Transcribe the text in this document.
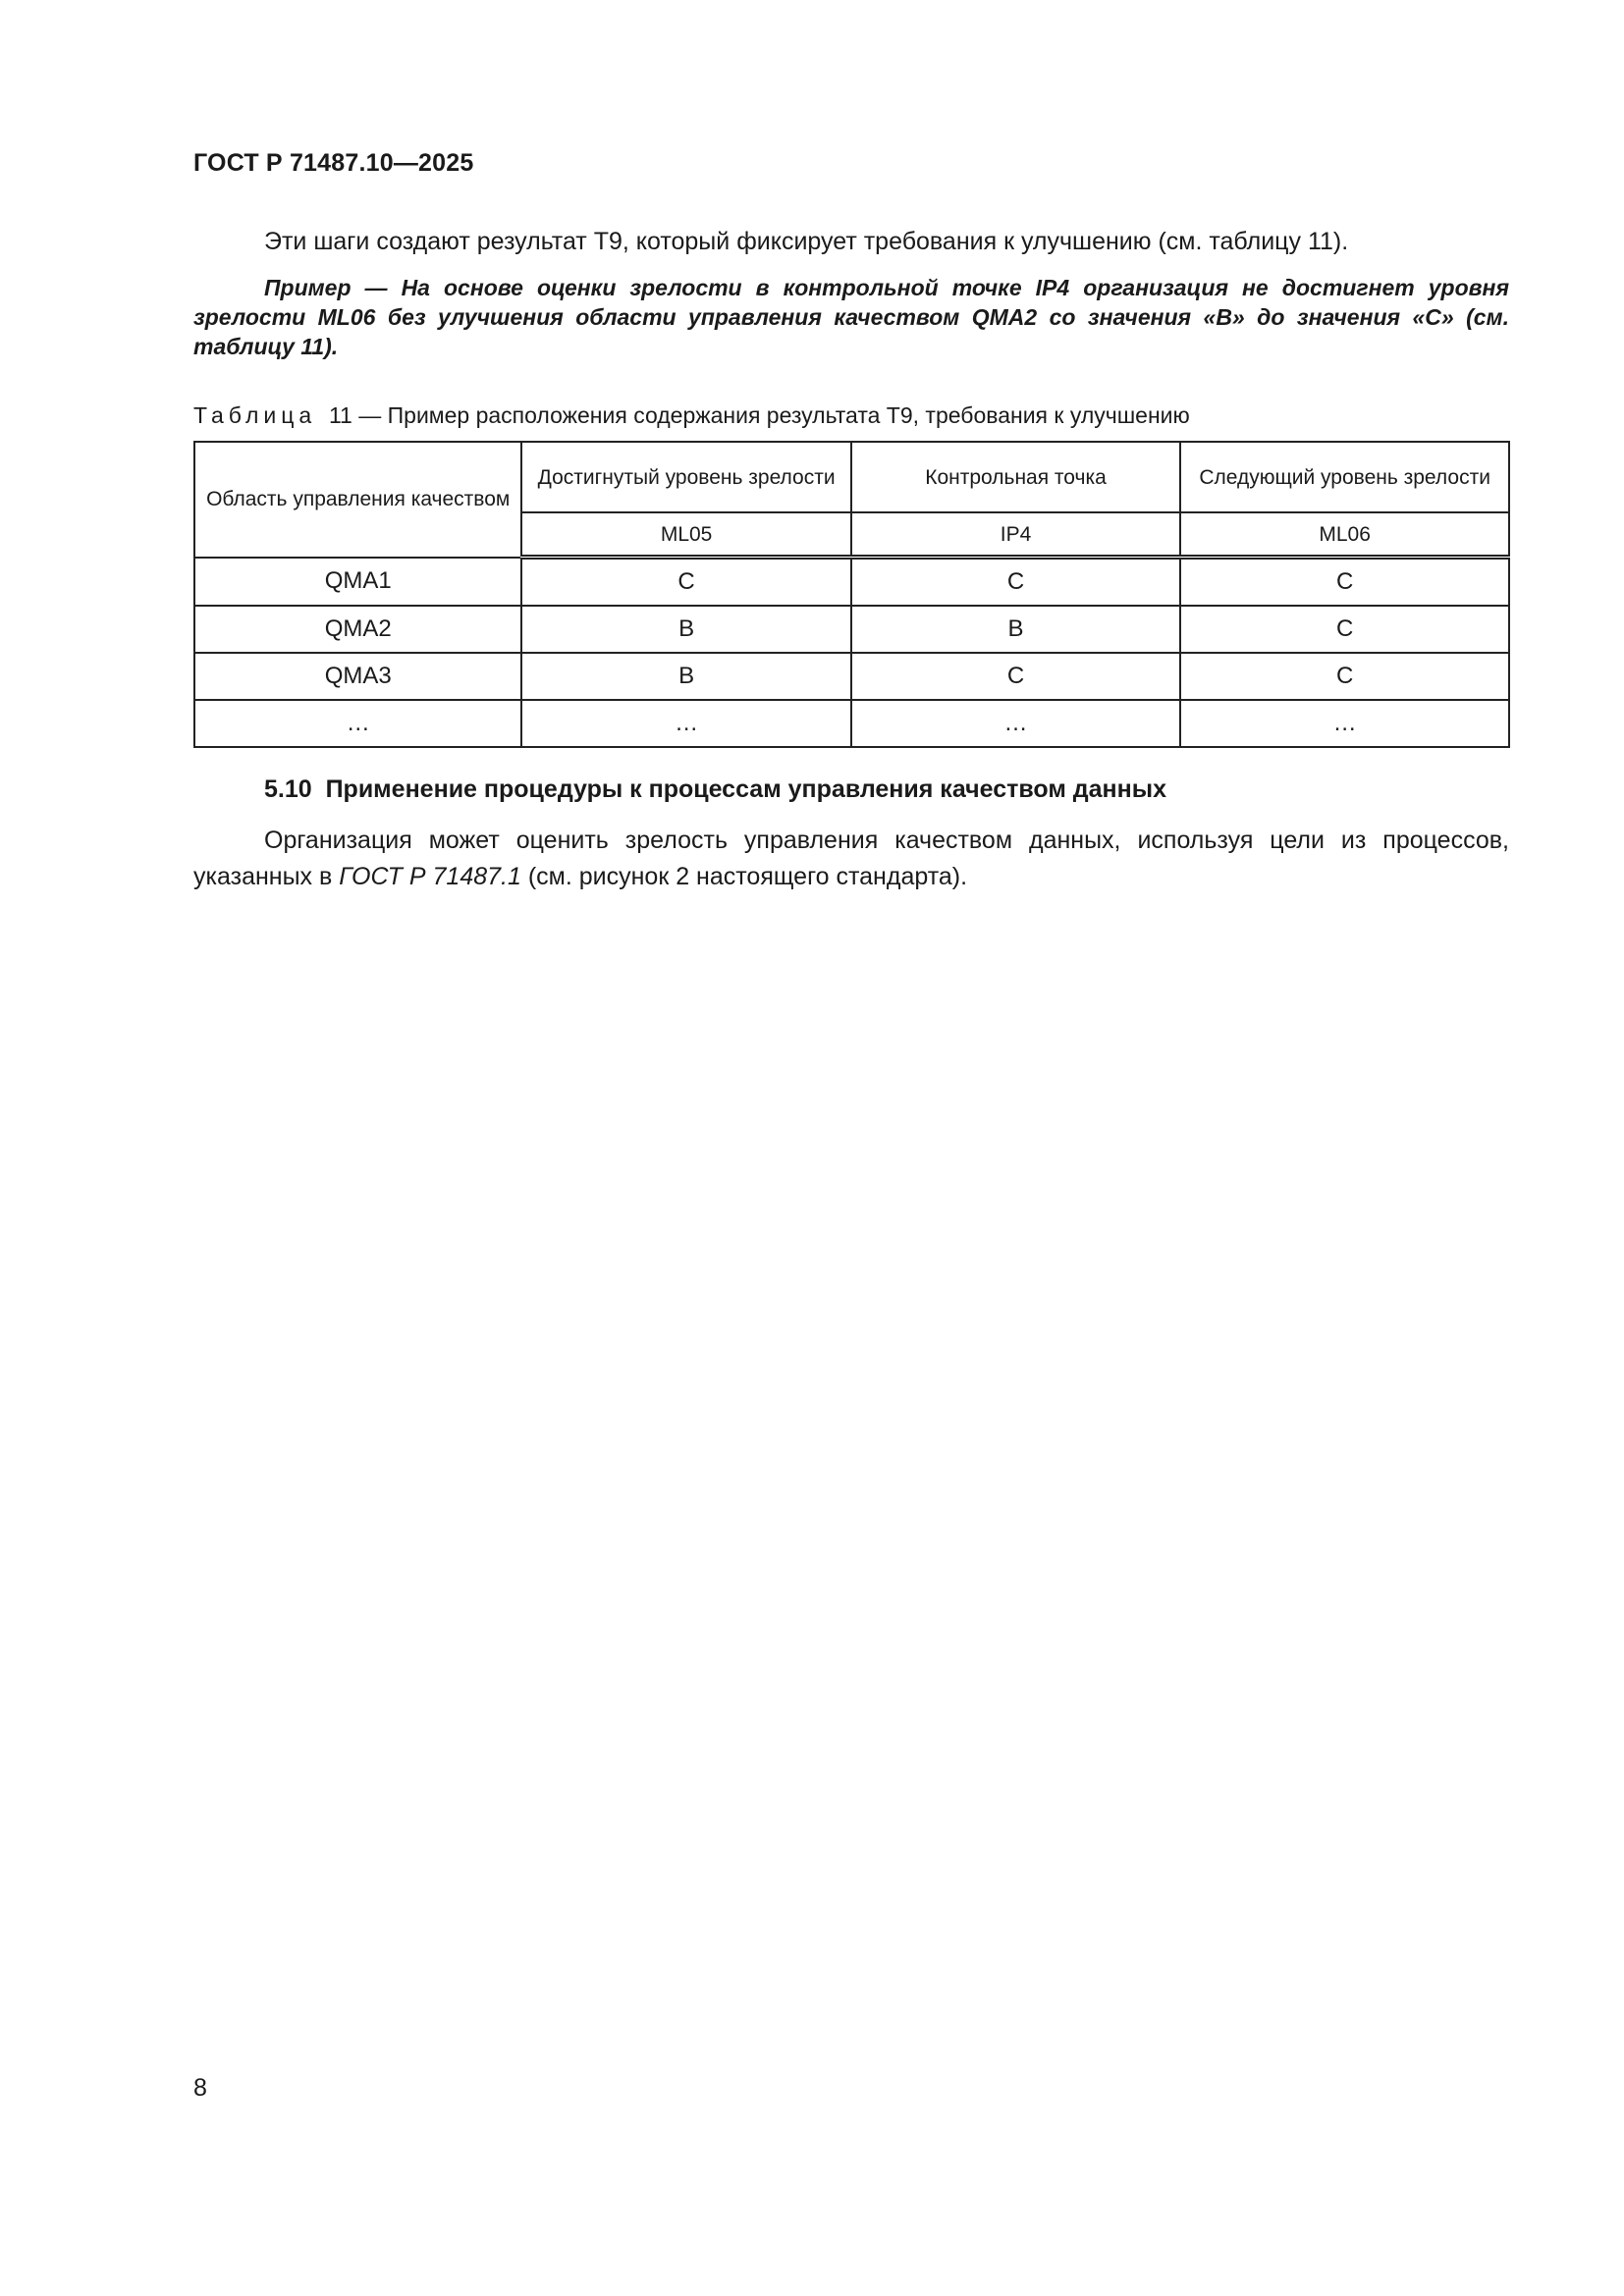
ГОСТ Р 71487.10—2025
Эти шаги создают результат Т9, который фиксирует требования к улучшению (см. таблицу 11).
Пример — На основе оценки зрелости в контрольной точке IP4 организация не достигнет уровня зрелости ML06 без улучшения области управления качеством QMA2 со значения «В» до значения «С» (см. таблицу 11).
Таблица 11 — Пример расположения содержания результата Т9, требования к улучшению
Область управления качеством	Достигнутый уровень зрелости	Контрольная точка	Следующий уровень зрелости
	ML05	IP4	ML06
QMA1	C	C	C
QMA2	B	B	C
QMA3	B	C	C
…	…	…	…
5.10 Применение процедуры к процессам управления качеством данных
Организация может оценить зрелость управления качеством данных, используя цели из процессов, указанных в ГОСТ Р 71487.1 (см. рисунок 2 настоящего стандарта).
8
